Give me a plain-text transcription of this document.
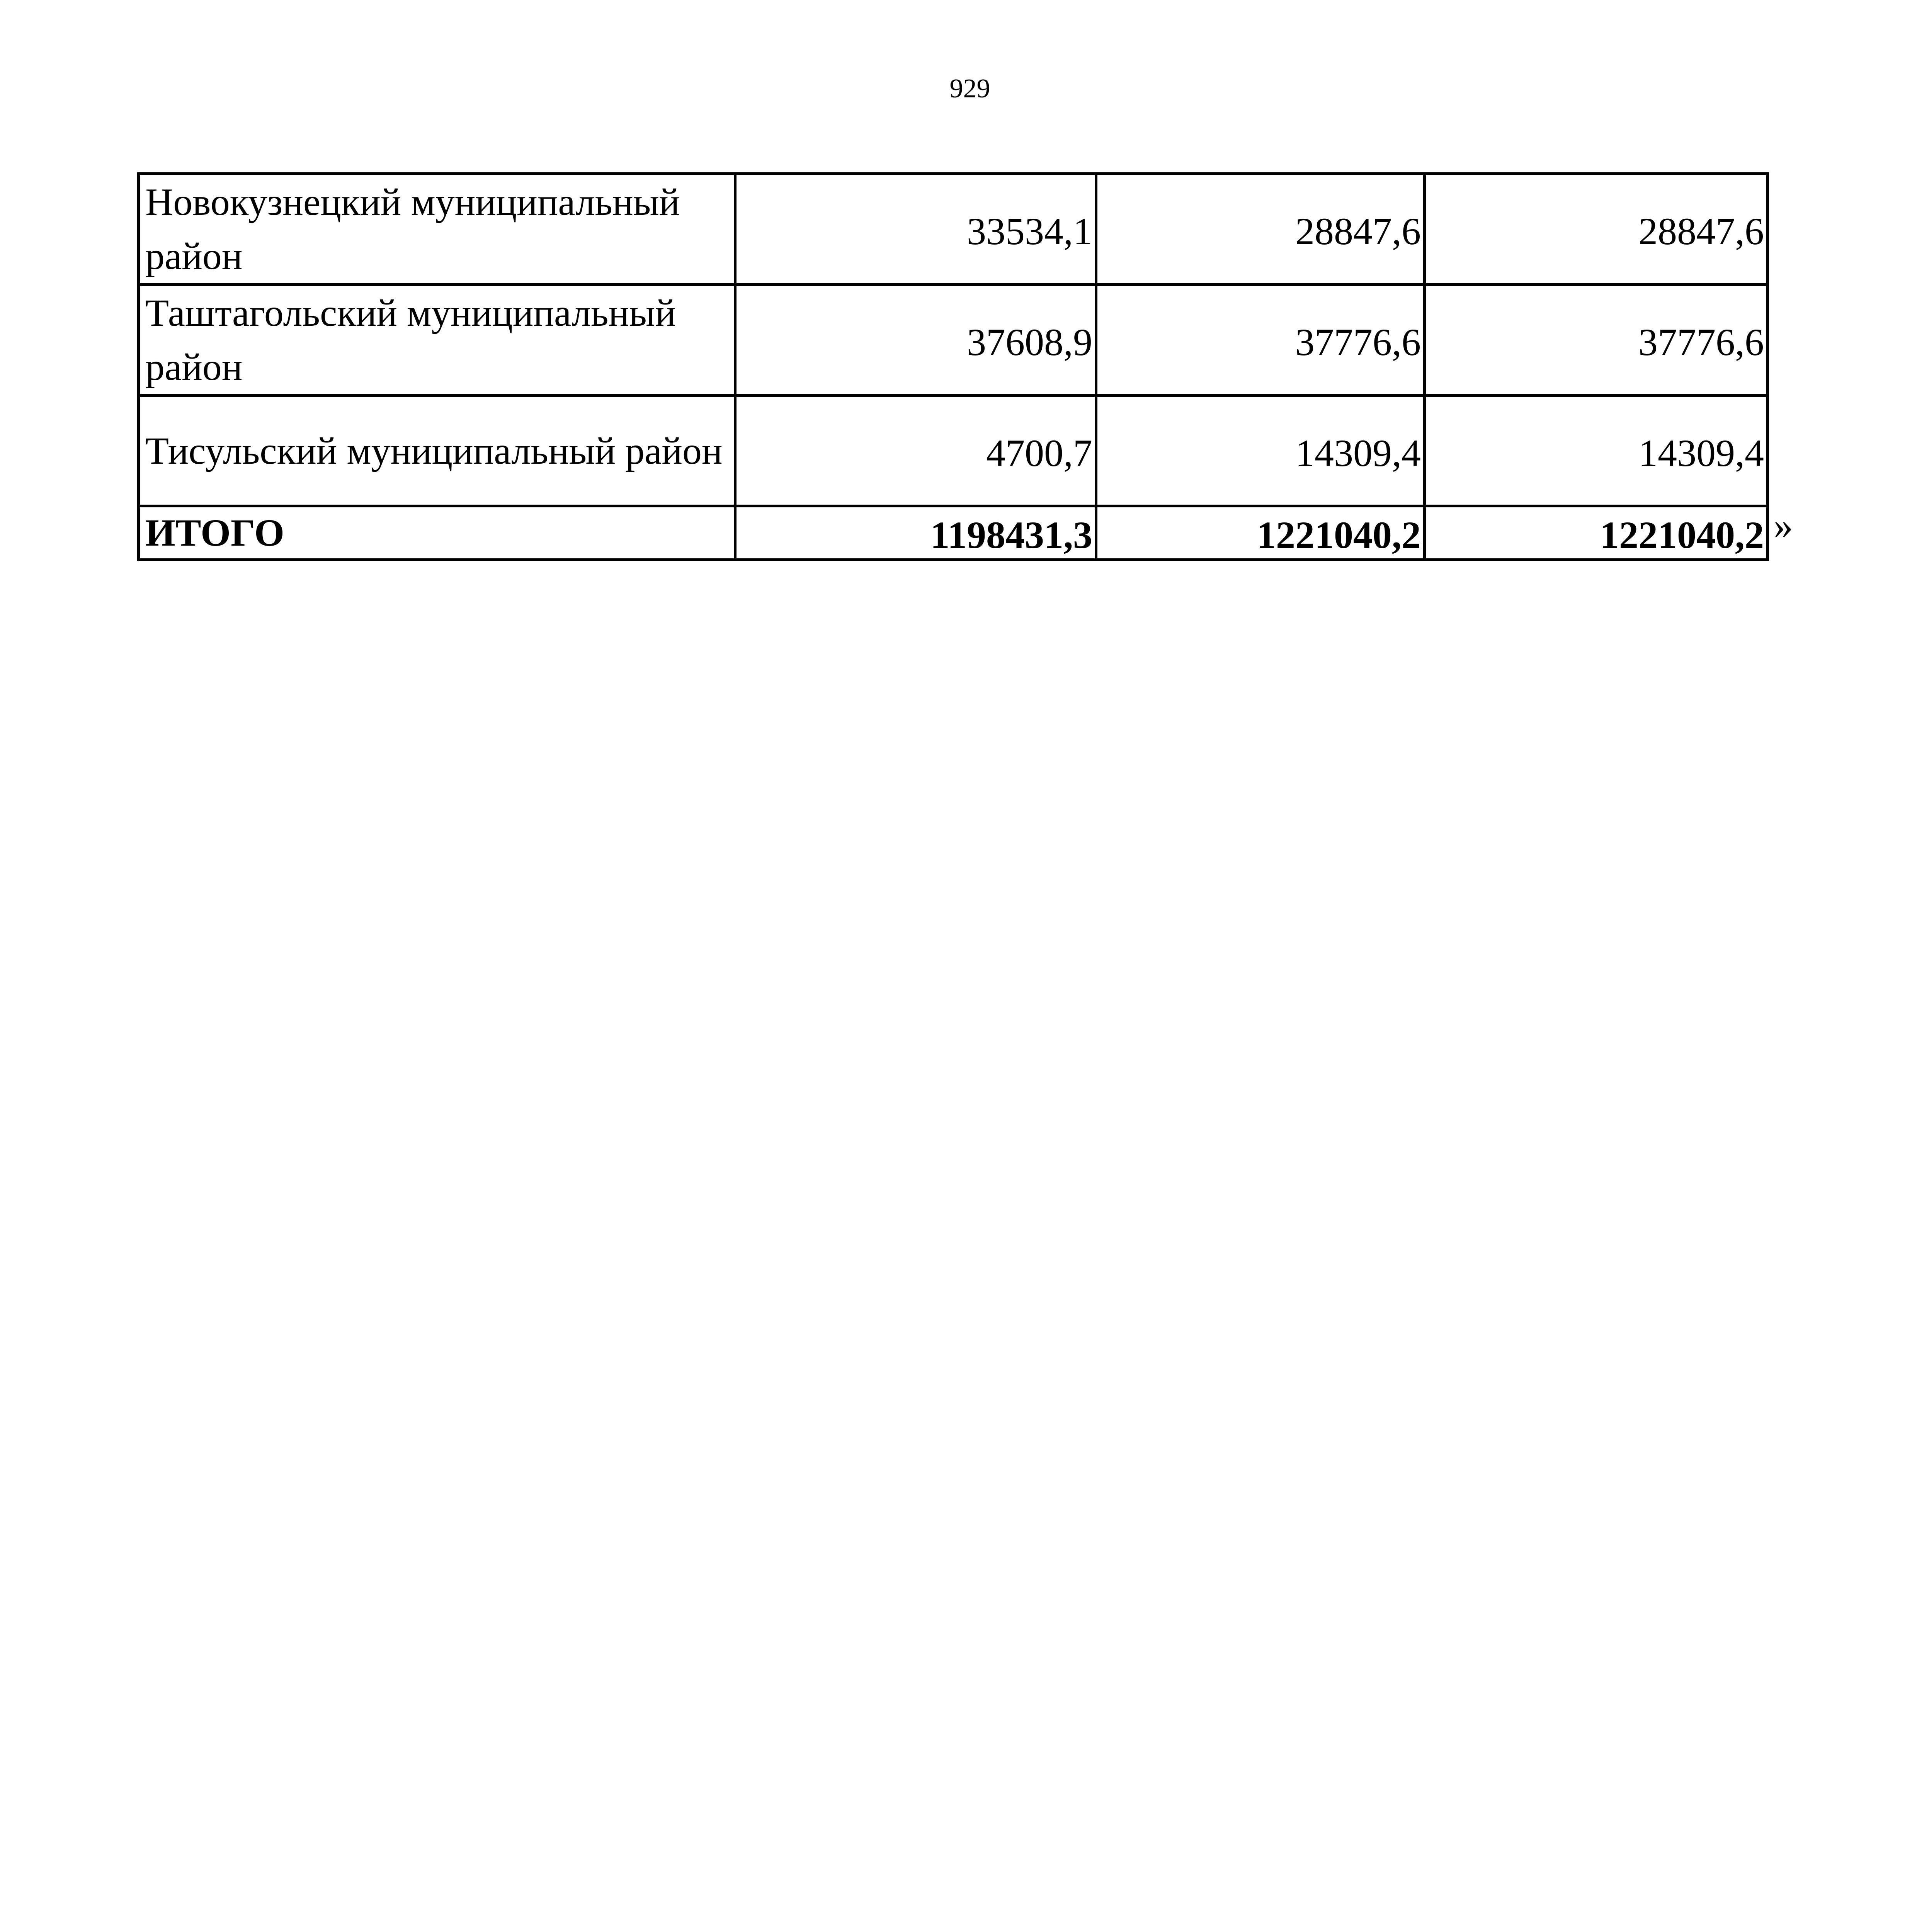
929
Новокузнецкий муниципальный район	33534,1	28847,6	28847,6
Таштагольский муниципальный район	37608,9	37776,6	37776,6
Тисульский муниципальный район	4700,7	14309,4	14309,4
ИТОГО	1198431,3	1221040,2	1221040,2 »
